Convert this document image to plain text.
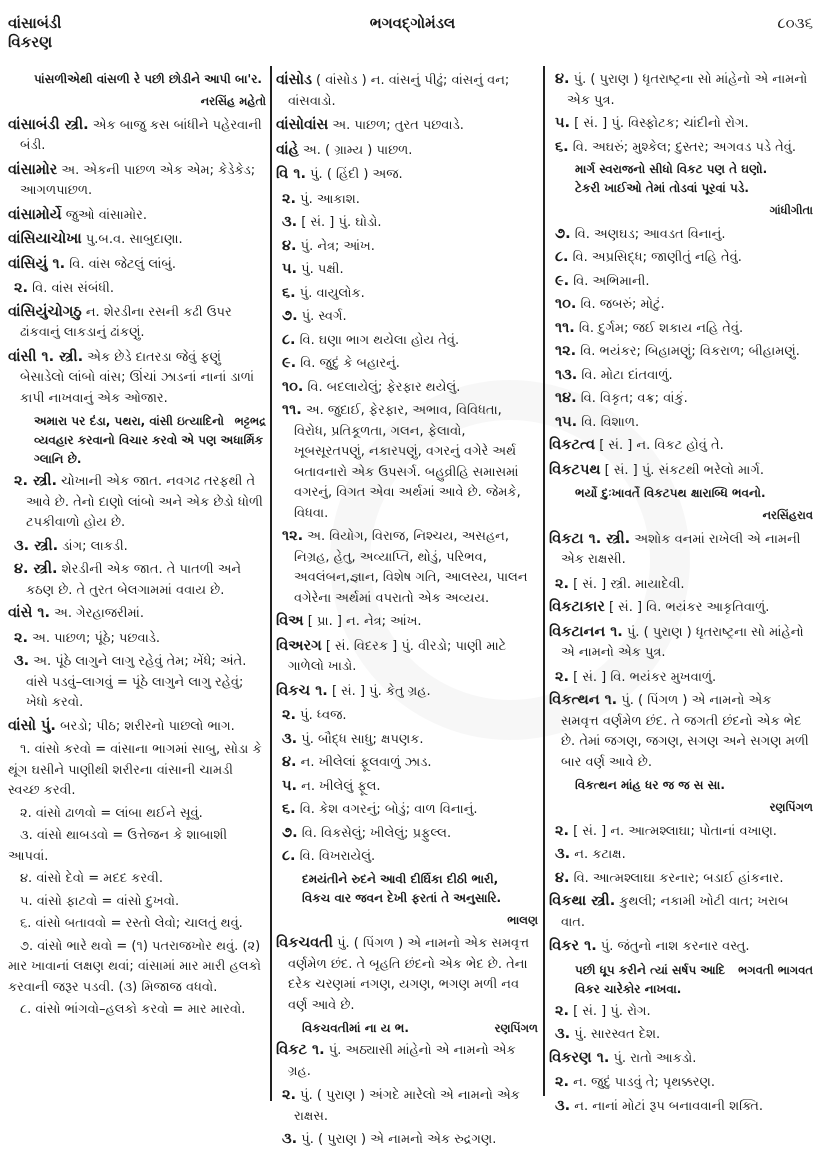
વાંસાબંડી
વિકરણ
ભગવદ્ગોમંડલ	૮૦૩૬
પાંસળીએથી વાંસળી રે પછી છોડીને આપી બા'ર.
નરસિંહ મહેતો
વાંસાબંડી સ્ત્રી. એક બાજુ કસ બાંધીને પહેરવાની બંડી.
વાંસામોર અ. એકની પાછળ એક એમ; કેડેકેડ; આગળપાછળ.
વાંસામોર્યે જુઓ વાંસામોર.
વાંસિયાચોખા પુ.બ.વ. સાબુદાણા.
વાંસિયું ૧. વિ. વાંસ જેટલું લાંબું.
૨. વિ. વાંસ સંબંધી.
વાંસિયુંચોગઠુ ન. શેરડીના રસની કઢી ઉપર ઢાંકવાનું લાકડાનું ઢાંકણું.
વાંસી ૧. સ્ત્રી. એક છેડે દાતરડા જેવું ફણું બેસાડેલો લાંબો વાંસ; ઊંચાં ઝાડનાં નાનાં ડાળાં કાપી નાખવાનું એક ઓજાર.
ભટ્ટભદ્ર
અમારા પર દંડા, પથરા, વાંસી ઇત્યાદિનો વ્યવહાર કરવાનો વિચાર કરવો એ પણ અધાર્મિક ગ્લાનિ છે.
૨. સ્ત્રી. ચોખાની એક જાત. નવગઢ તરફથી તે આવે છે. તેનો દાણો લાંબો અને એક છેડો ધોળી ટપકીવાળો હોય છે.
૩. સ્ત્રી. ડાંગ; લાકડી.
૪. સ્ત્રી. શેરડીની એક જાત. તે પાતળી અને કઠણ છે. તે તુરત બેલગામમાં વવાય છે.
વાંસે ૧. અ. ગેરહાજરીમાં.
૨. અ. પાછળ; પૂંઠે; પછવાડે.
૩. અ. પૂંઠે લાગુને લાગુ રહેવું તેમ; ખેંધે; અંતે. વાંસે પડવું–લાગવું = પૂંઠે લાગુને લાગુ રહેવું; ખેધો કરવો.
વાંસો પું. બરડો; પીઠ; શરીરનો પાછલો ભાગ.
૧. વાંસો કરવો = વાંસાના ભાગમાં સાબુ, સોડા કે થૂંગ ઘસીને પાણીથી શરીરના વાંસાની ચામડી સ્વચ્છ કરવી.
૨. વાંસો ઢાળવો = લાંબા થઈને સૂવું.
૩. વાંસો થાબડવો = ઉત્તેજન કે શાબાશી આપવાં.
૪. વાંસો દેવો = મદદ કરવી.
૫. વાંસો ફાટવો = વાંસો દુખવો.
૬. વાંસો બતાવવો = રસ્તો લેવો; ચાલતું થવું.
૭. વાંસો ભારે થવો = (૧) પતરાજખોર થવું. (૨) માર ખાવાનાં લક્ષણ થવાં; વાંસામાં માર મારી હલકો કરવાની જરૂર પડવી. (૩) મિજાજ વધવો.
૮. વાંસો ભાંગવો–હલકો કરવો = માર મારવો.
વાંસોડ ( વાંસોડ ) ન. વાંસનું પીઢું; વાંસનું વન; વાંસવાડો.
વાંસોવાંસ અ. પાછળ; તુરત પછવાડે.
વાંહે અ. ( ગ્રામ્ય ) પાછળ.
વિ ૧. પું. ( હિંદી ) અજ.
૨. પું. આકાશ.
૩. [ સં. ] પું. ઘોડો.
૪. પું. નેત્ર; આંખ.
૫. પું. પક્ષી.
૬. પું. વાયુલોક.
૭. પું. સ્વર્ગ.
૮. વિ. ઘણા ભાગ થયેલા હોય તેવું.
૯. વિ. જુદું કે બહારનું.
૧૦. વિ. બદલાયેલું; ફેરફાર થયેલું.
૧૧. અ. જુદાઈ, ફેરફાર, અભાવ, વિવિધતા, વિરોધ, પ્રતિકૂળતા, ગલન, ફેલાવો, ખૂબસૂરતપણું, નકારપણું, વગરનું વગેરે અર્થ બતાવનારો એક ઉપસર્ગ. બહુવ્રીહિ સમાસમાં વગરનું, વિગત એવા અર્થમાં આવે છે. જેમકે, વિધવા.
૧૨. અ. વિયોગ, વિરાજ, નિશ્ચય, અસહન, નિગ્રહ, હેતુ, અવ્યાપ્તિ, થોડું, પરિભવ, અવલંબન,જ્ઞાન, વિશેષ ગતિ, આલસ્ય, પાલન વગેરેના અર્થમાં વપરાતો એક અવ્યય.
વિઅ [ પ્રા. ] ન. નેત્ર; આંખ.
વિઅરગ [ સં. વિદરક ] પું. વીરડો; પાણી માટે ગાળેલો ખાડો.
વિકચ ૧. [ સં. ] પું. કેતુ ગ્રહ.
૨. પું. ધ્વજ.
૩. પું. બૌદ્ધ સાધુ; ક્ષપણક.
૪. ન. ખીલેલાં ફૂલવાળું ઝાડ.
૫. ન. ખીલેલું ફૂલ.
૬. વિ. કેશ વગરનું; બોડું; વાળ વિનાનું.
૭. વિ. વિકસેલું; ખીલેલું; પ્રફુલ્લ.
૮. વિ. વિખરાયેલું.
દમયંતીને રુદને આવી દીર્ઘિકા દીઠી ભારી,
વિકચ વાર જવન દેખી ફરતાં તે અનુસારિ.
ભાલણ
વિકચવતી પું. ( પિંગળ ) એ નામનો એક સમવૃત્ત વર્ણમેળ છંદ. તે બૃહતિ છંદનો એક ભેદ છે. તેના દરેક ચરણમાં નગણ, યગણ, ભગણ મળી નવ વર્ણ આવે છે.
રણપિંગળ
વિકચવતીમાં ના ય ભ.
વિકટ ૧. પું. અઠ્યાસી માંહેનો એ નામનો એક ગ્રહ.
૨. પું. ( પુરાણ ) અંગદે મારેલો એ નામનો એક રાક્ષસ.
૩. પું. ( પુરાણ ) એ નામનો એક રુદ્રગણ.
૪. પું. ( પુરાણ ) ધૃતરાષ્ટ્રના સો માંહેનો એ નામનો એક પુત્ર.
૫. [ સં. ] પું. વિસ્ફોટક; ચાંદીનો રોગ.
૬. વિ. અઘરું; મુશ્કેલ; દુસ્તર; અગવડ પડે તેવું.
માર્ગ સ્વરાજનો સીધો વિકટ પણ તે ઘણો.
ટેકરી ખાઈઓ તેમાં તોડવાં પૂરવાં પડે.
ગાંધીગીતા
૭. વિ. અણઘડ; આવડત વિનાનું.
૮. વિ. અપ્રસિદ્ધ; જાણીતું નહિ તેવું.
૯. વિ. અભિમાની.
૧૦. વિ. જબરું; મોટું.
૧૧. વિ. દુર્ગમ; જઈ શકાય નહિ તેવું.
૧૨. વિ. ભયંકર; બિહામણું; વિકરાળ; બીહામણું.
૧૩. વિ. મોટા દાંતવાળું.
૧૪. વિ. વિકૃત; વક્ર; વાંકું.
૧૫. વિ. વિશાળ.
વિકટત્વ [ સં. ] ન. વિકટ હોવું તે.
વિકટપથ [ સં. ] પું. સંકટથી ભરેલો માર્ગ.
ભર્યો દુઃખાવર્તે વિકટપથ ક્ષારાબ્ધિ ભવનો.
નરસિંહરાવ
વિકટા ૧. સ્ત્રી. અશોક વનમાં રાખેલી એ નામની એક રાક્ષસી.
૨. [ સં. ] સ્ત્રી. માયાદેવી.
વિકટાકાર [ સં. ] વિ. ભયંકર આકૃતિવાળું.
વિકટાનન ૧. પું. ( પુરાણ ) ધૃતરાષ્ટ્રના સો માંહેનો એ નામનો એક પુત્ર.
૨. [ સં. ] વિ. ભયંકર મુખવાળું.
વિકત્થન ૧. પું. ( પિંગળ ) એ નામનો એક સમવૃત્ત વર્ણમેળ છંદ. તે જગતી છંદનો એક ભેદ છે. તેમાં જગણ, જગણ, સગણ અને સગણ મળી બાર વર્ણ આવે છે.
વિકત્થન માંહ ધર જ જ સ સા.
રણપિંગળ
૨. [ સં. ] ન. આત્મશ્લાઘા; પોતાનાં વખાણ.
૩. ન. કટાક્ષ.
૪. વિ. આત્મશ્લાઘા કરનાર; બડાઈ હાંકનાર.
વિકથા સ્ત્રી. કુથલી; નકામી ખોટી વાત; ખરાબ વાત.
વિકર ૧. પું. જંતુનો નાશ કરનાર વસ્તુ.
ભગવતી ભાગવત
પછી ધૂપ કરીને ત્યાં સર્ષપ આદિ વિકર ચારેકોર નાખવા.
૨. [ સં. ] પું. રોગ.
૩. પું. સારસ્વત દેશ.
વિકરણ ૧. પું. રાતો આકડો.
૨. ન. જુદું પાડવું તે; પૃથક્કરણ.
૩. ન. નાનાં મોટાં રૂપ બનાવવાની શક્તિ.
